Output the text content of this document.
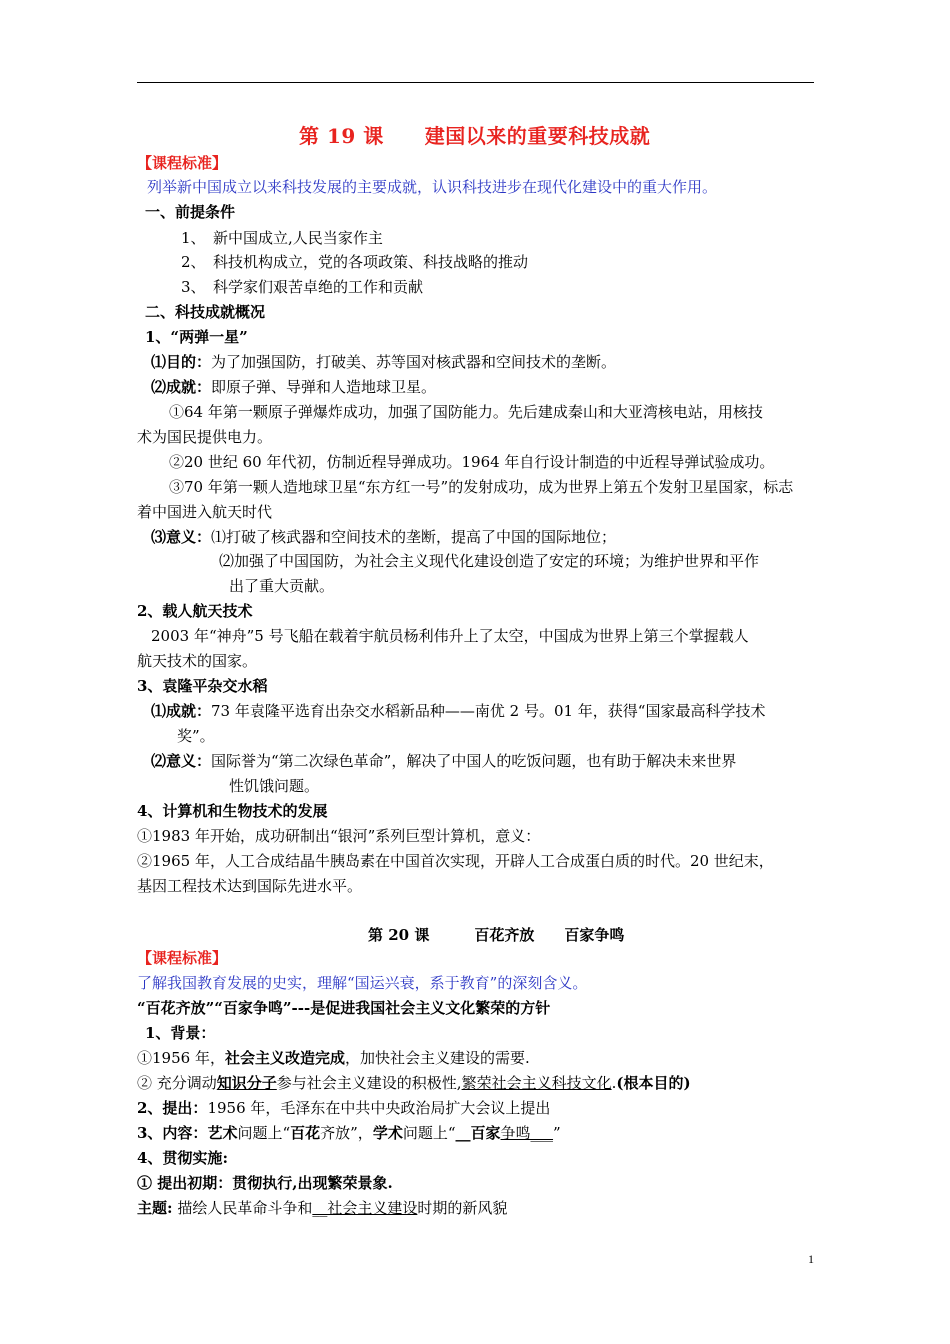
第 19 课　　建国以来的重要科技成就
【课程标准】
列举新中国成立以来科技发展的主要成就，认识科技进步在现代化建设中的重大作用。
一、前提条件
1、　新中国成立,人民当家作主
2、　科技机构成立，党的各项政策、科技战略的推动
3、　科学家们艰苦卓绝的工作和贡献
二、科技成就概况
1、“两弹一星”
⑴目的：为了加强国防，打破美、苏等国对核武器和空间技术的垄断。
⑵成就：即原子弹、导弹和人造地球卫星。
①64 年第一颗原子弹爆炸成功，加强了国防能力。先后建成秦山和大亚湾核电站，用核技
术为国民提供电力。
②20 世纪 60 年代初，仿制近程导弹成功。1964 年自行设计制造的中近程导弹试验成功。
③70 年第一颗人造地球卫星“东方红一号”的发射成功，成为世界上第五个发射卫星国家，标志
着中国进入航天时代
⑶意义：⑴打破了核武器和空间技术的垄断，提高了中国的国际地位；
⑵加强了中国国防，为社会主义现代化建设创造了安定的环境；为维护世界和平作
出了重大贡献。
2、载人航天技术
2003 年“神舟”5 号飞船在载着宇航员杨利伟升上了太空，中国成为世界上第三个掌握载人
航天技术的国家。
3、袁隆平杂交水稻
⑴成就：73 年袁隆平选育出杂交水稻新品种——南优 2 号。01 年，获得“国家最高科学技术
奖”。
⑵意义：国际誉为“第二次绿色革命”，解决了中国人的吃饭问题，也有助于解决未来世界
性饥饿问题。
4、计算机和生物技术的发展
①1983 年开始，成功研制出“银河”系列巨型计算机，意义：
②1965 年，人工合成结晶牛胰岛素在中国首次实现，开辟人工合成蛋白质的时代。20 世纪末，
基因工程技术达到国际先进水平。
第 20 课　　　百花齐放　　百家争鸣
【课程标准】
了解我国教育发展的史实，理解“国运兴衰，系于教育”的深刻含义。
“百花齐放”“百家争鸣”---是促进我国社会主义文化繁荣的方针
1、背景：
①1956 年，社会主义改造完成，加快社会主义建设的需要.
② 充分调动知识分子参与社会主义建设的积极性,繁荣社会主义科技文化.(根本目的)
2、提出：1956 年，毛泽东在中共中央政治局扩大会议上提出
3、内容：艺术问题上“百花齐放”，学术问题上“__百家争鸣___”
4、贯彻实施:
① 提出初期：贯彻执行,出现繁荣景象.
主题: 描绘人民革命斗争和__社会主义建设时期的新风貌
1
